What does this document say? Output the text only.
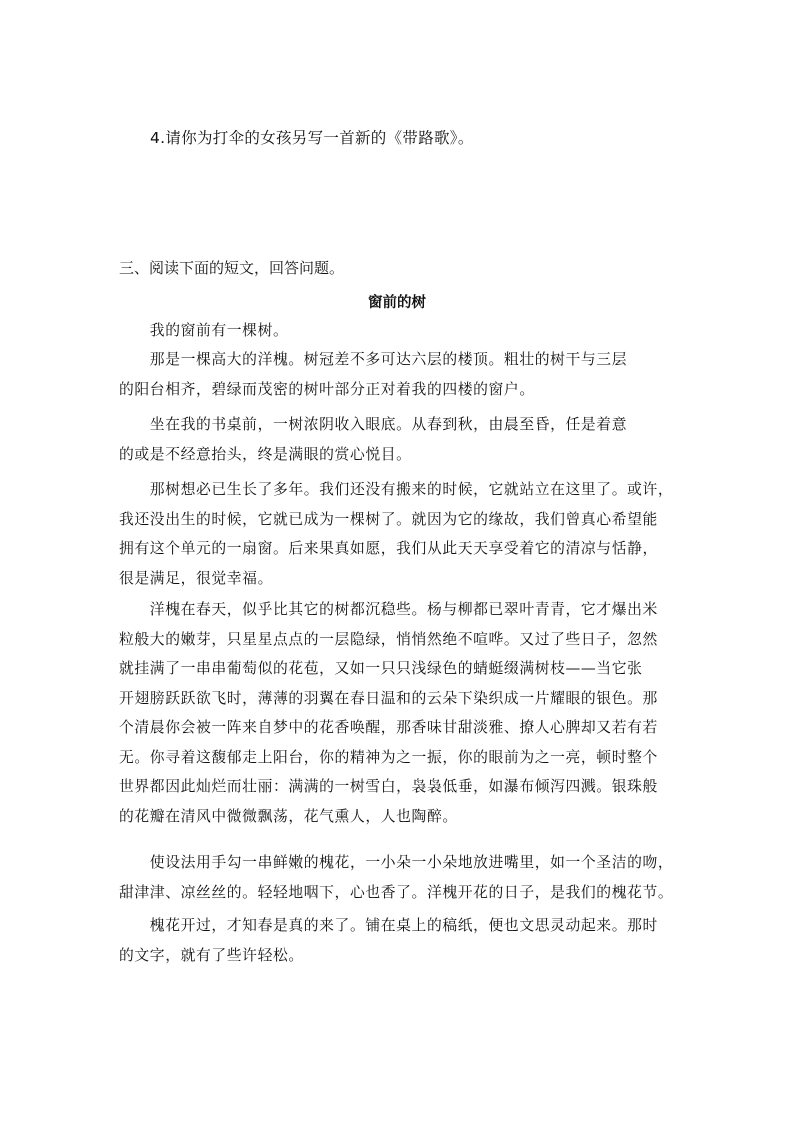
4.请你为打伞的女孩另写一首新的《带路歌》。
三、阅读下面的短文，回答问题。
窗前的树

　　我的窗前有一棵树。

　　那是一棵高大的洋槐。树冠差不多可达六层的楼顶。粗壮的树干与三层
的阳台相齐，碧绿而茂密的树叶部分正对着我的四楼的窗户。

　　坐在我的书桌前，一树浓阴收入眼底。从春到秋，由晨至昏，任是着意
的或是不经意抬头，终是满眼的赏心悦目。

　　那树想必已生长了多年。我们还没有搬来的时候，它就站立在这里了。或许，
我还没出生的时候，它就已成为一棵树了。就因为它的缘故，我们曾真心希望能
拥有这个单元的一扇窗。后来果真如愿，我们从此天天享受着它的清凉与恬静，
很是满足，很觉幸福。

　　洋槐在春天，似乎比其它的树都沉稳些。杨与柳都已翠叶青青，它才爆出米
粒般大的嫩芽，只星星点点的一层隐绿，悄悄然绝不喧哗。又过了些日子，忽然
就挂满了一串串葡萄似的花苞，又如一只只浅绿色的蜻蜓缀满树枝——当它张
开翅膀跃跃欲飞时，薄薄的羽翼在春日温和的云朵下染织成一片耀眼的银色。那
个清晨你会被一阵来自梦中的花香唤醒，那香味甘甜淡雅、撩人心脾却又若有若
无。你寻着这馥郁走上阳台，你的精神为之一振，你的眼前为之一亮，顿时整个
世界都因此灿烂而壮丽：满满的一树雪白，袅袅低垂，如瀑布倾泻四溅。银珠般
的花瓣在清风中微微飘荡，花气熏人，人也陶醉。

　　使设法用手勾一串鲜嫩的槐花，一小朵一小朵地放进嘴里，如一个圣洁的吻，
甜津津、凉丝丝的。轻轻地咽下，心也香了。洋槐开花的日子，是我们的槐花节。

　　槐花开过，才知春是真的来了。铺在桌上的稿纸，便也文思灵动起来。那时
的文字，就有了些许轻松。
